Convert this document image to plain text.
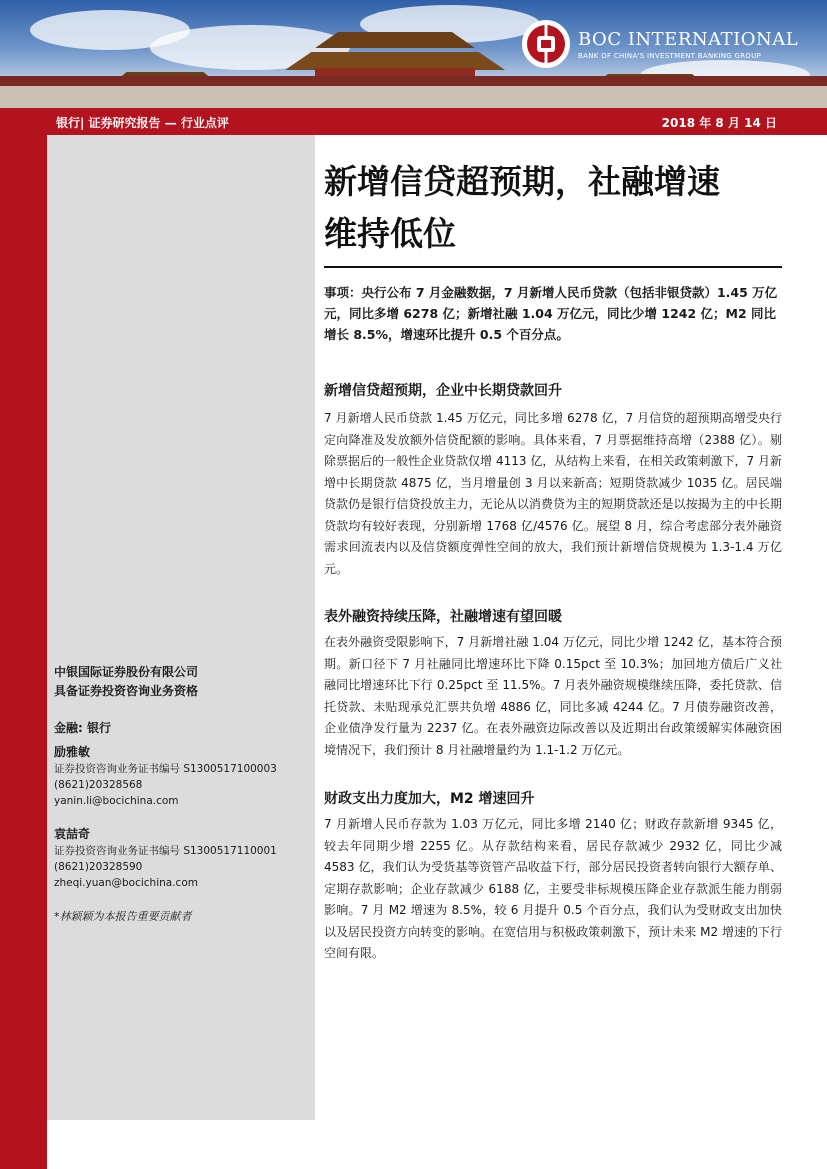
BOC INTERNATIONAL
BANK OF CHINA'S INVESTMENT BANKING GROUP
银行| 证券研究报告 — 行业点评	2018 年 8 月 14 日
中银国际证券股份有限公司
具备证券投资咨询业务资格
金融: 银行
励雅敏
证券投资咨询业务证书编号 S1300517100003
(8621)20328568
yanin.li@bocichina.com
袁喆奇
证券投资咨询业务证书编号 S1300517110001
(8621)20328590
zheqi.yuan@bocichina.com
*林颖颖为本报告重要贡献者
新增信贷超预期，社融增速
维持低位
事项：央行公布 7 月金融数据，7 月新增人民币贷款（包括非银贷款）1.45 万亿元，同比多增 6278 亿；新增社融 1.04 万亿元，同比少增 1242 亿；M2 同比增长 8.5%，增速环比提升 0.5 个百分点。
新增信贷超预期，企业中长期贷款回升
7 月新增人民币贷款 1.45 万亿元，同比多增 6278 亿，7 月信贷的超预期高增受央行定向降准及发放额外信贷配额的影响。具体来看，7 月票据维持高增（2388 亿）。剔除票据后的一般性企业贷款仅增 4113 亿，从结构上来看，在相关政策刺激下，7 月新增中长期贷款 4875 亿，当月增量创 3 月以来新高；短期贷款减少 1035 亿。居民端贷款仍是银行信贷投放主力，无论从以消费贷为主的短期贷款还是以按揭为主的中长期贷款均有较好表现，分别新增 1768 亿/4576 亿。展望 8 月，综合考虑部分表外融资需求回流表内以及信贷额度弹性空间的放大，我们预计新增信贷规模为 1.3-1.4 万亿元。
表外融资持续压降，社融增速有望回暖
在表外融资受限影响下，7 月新增社融 1.04 万亿元，同比少增 1242 亿，基本符合预期。新口径下 7 月社融同比增速环比下降 0.15pct 至 10.3%；加回地方债后广义社融同比增速环比下行 0.25pct 至 11.5%。7 月表外融资规模继续压降，委托贷款、信托贷款、未贴现承兑汇票共负增 4886 亿，同比多减 4244 亿。7 月债券融资改善，企业债净发行量为 2237 亿。在表外融资边际改善以及近期出台政策缓解实体融资困境情况下，我们预计 8 月社融增量约为 1.1-1.2 万亿元。
财政支出力度加大，M2 增速回升
7 月新增人民币存款为 1.03 万亿元，同比多增 2140 亿；财政存款新增 9345 亿，较去年同期少增 2255 亿。从存款结构来看，居民存款减少 2932 亿，同比少减 4583 亿，我们认为受货基等资管产品收益下行，部分居民投资者转向银行大额存单、定期存款影响；企业存款减少 6188 亿，主要受非标规模压降企业存款派生能力削弱影响。7 月 M2 增速为 8.5%，较 6 月提升 0.5 个百分点，我们认为受财政支出加快以及居民投资方向转变的影响。在宽信用与积极政策刺激下，预计未来 M2 增速的下行空间有限。
